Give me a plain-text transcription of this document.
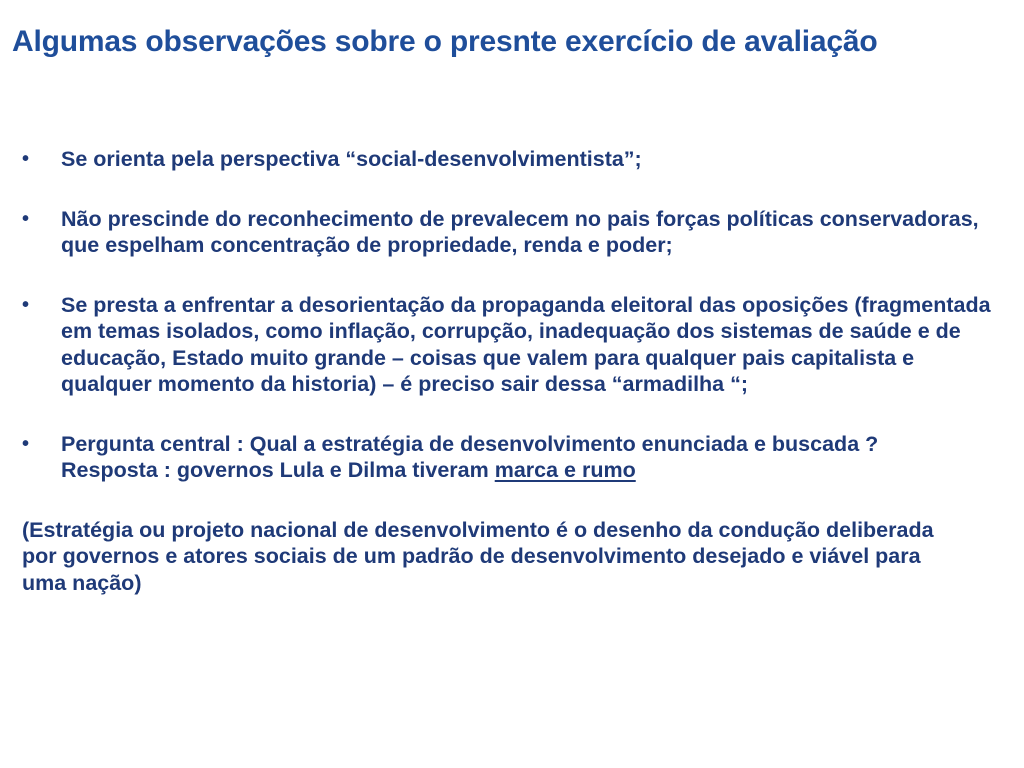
Algumas observações sobre o presnte exercício de avaliação
•	Se orienta pela perspectiva “social-desenvolvimentista”;
•	Não prescinde do reconhecimento de prevalecem no pais forças políticas conservadoras, que espelham concentração de propriedade, renda e poder;
•	Se presta a enfrentar a desorientação da propaganda eleitoral das oposições (fragmentada em temas isolados, como inflação, corrupção, inadequação dos sistemas de saúde e de educação, Estado muito grande – coisas que valem para qualquer pais capitalista e qualquer momento da historia) – é preciso sair dessa “armadilha “;
•	Pergunta central : Qual a estratégia de desenvolvimento enunciada e buscada ?
Resposta : governos Lula e Dilma tiveram marca e rumo
(Estratégia ou projeto nacional de desenvolvimento é o desenho da condução deliberada por governos e atores sociais de um padrão de desenvolvimento desejado e viável para uma nação)
